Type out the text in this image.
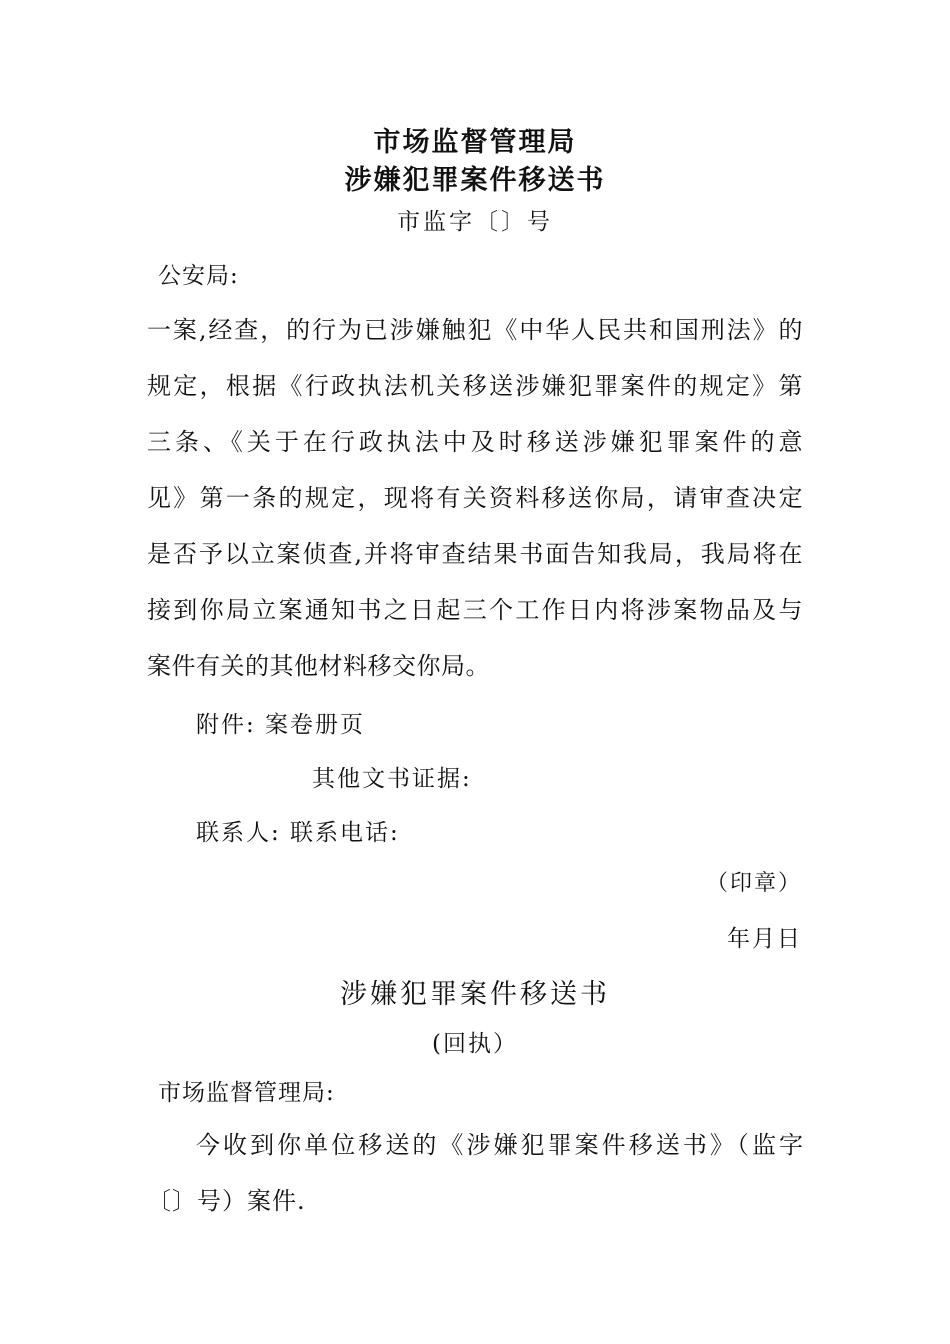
市场监督管理局
涉嫌犯罪案件移送书
市监字〔〕号
公安局:
一案,经查，的行为已涉嫌触犯《中华人民共和国刑法》的
规定，根据《行政执法机关移送涉嫌犯罪案件的规定》第
三条、《关于在行政执法中及时移送涉嫌犯罪案件的意
见》第一条的规定，现将有关资料移送你局，请审查决定
是否予以立案侦查,并将审查结果书面告知我局，我局将在
接到你局立案通知书之日起三个工作日内将涉案物品及与
案件有关的其他材料移交你局。
附件: 案卷册页
其他文书证据:
联系人: 联系电话:
（印章）
年月日
涉嫌犯罪案件移送书
(回执）
市场监督管理局:
今收到你单位移送的《涉嫌犯罪案件移送书》（监字
〔〕号）案件.
